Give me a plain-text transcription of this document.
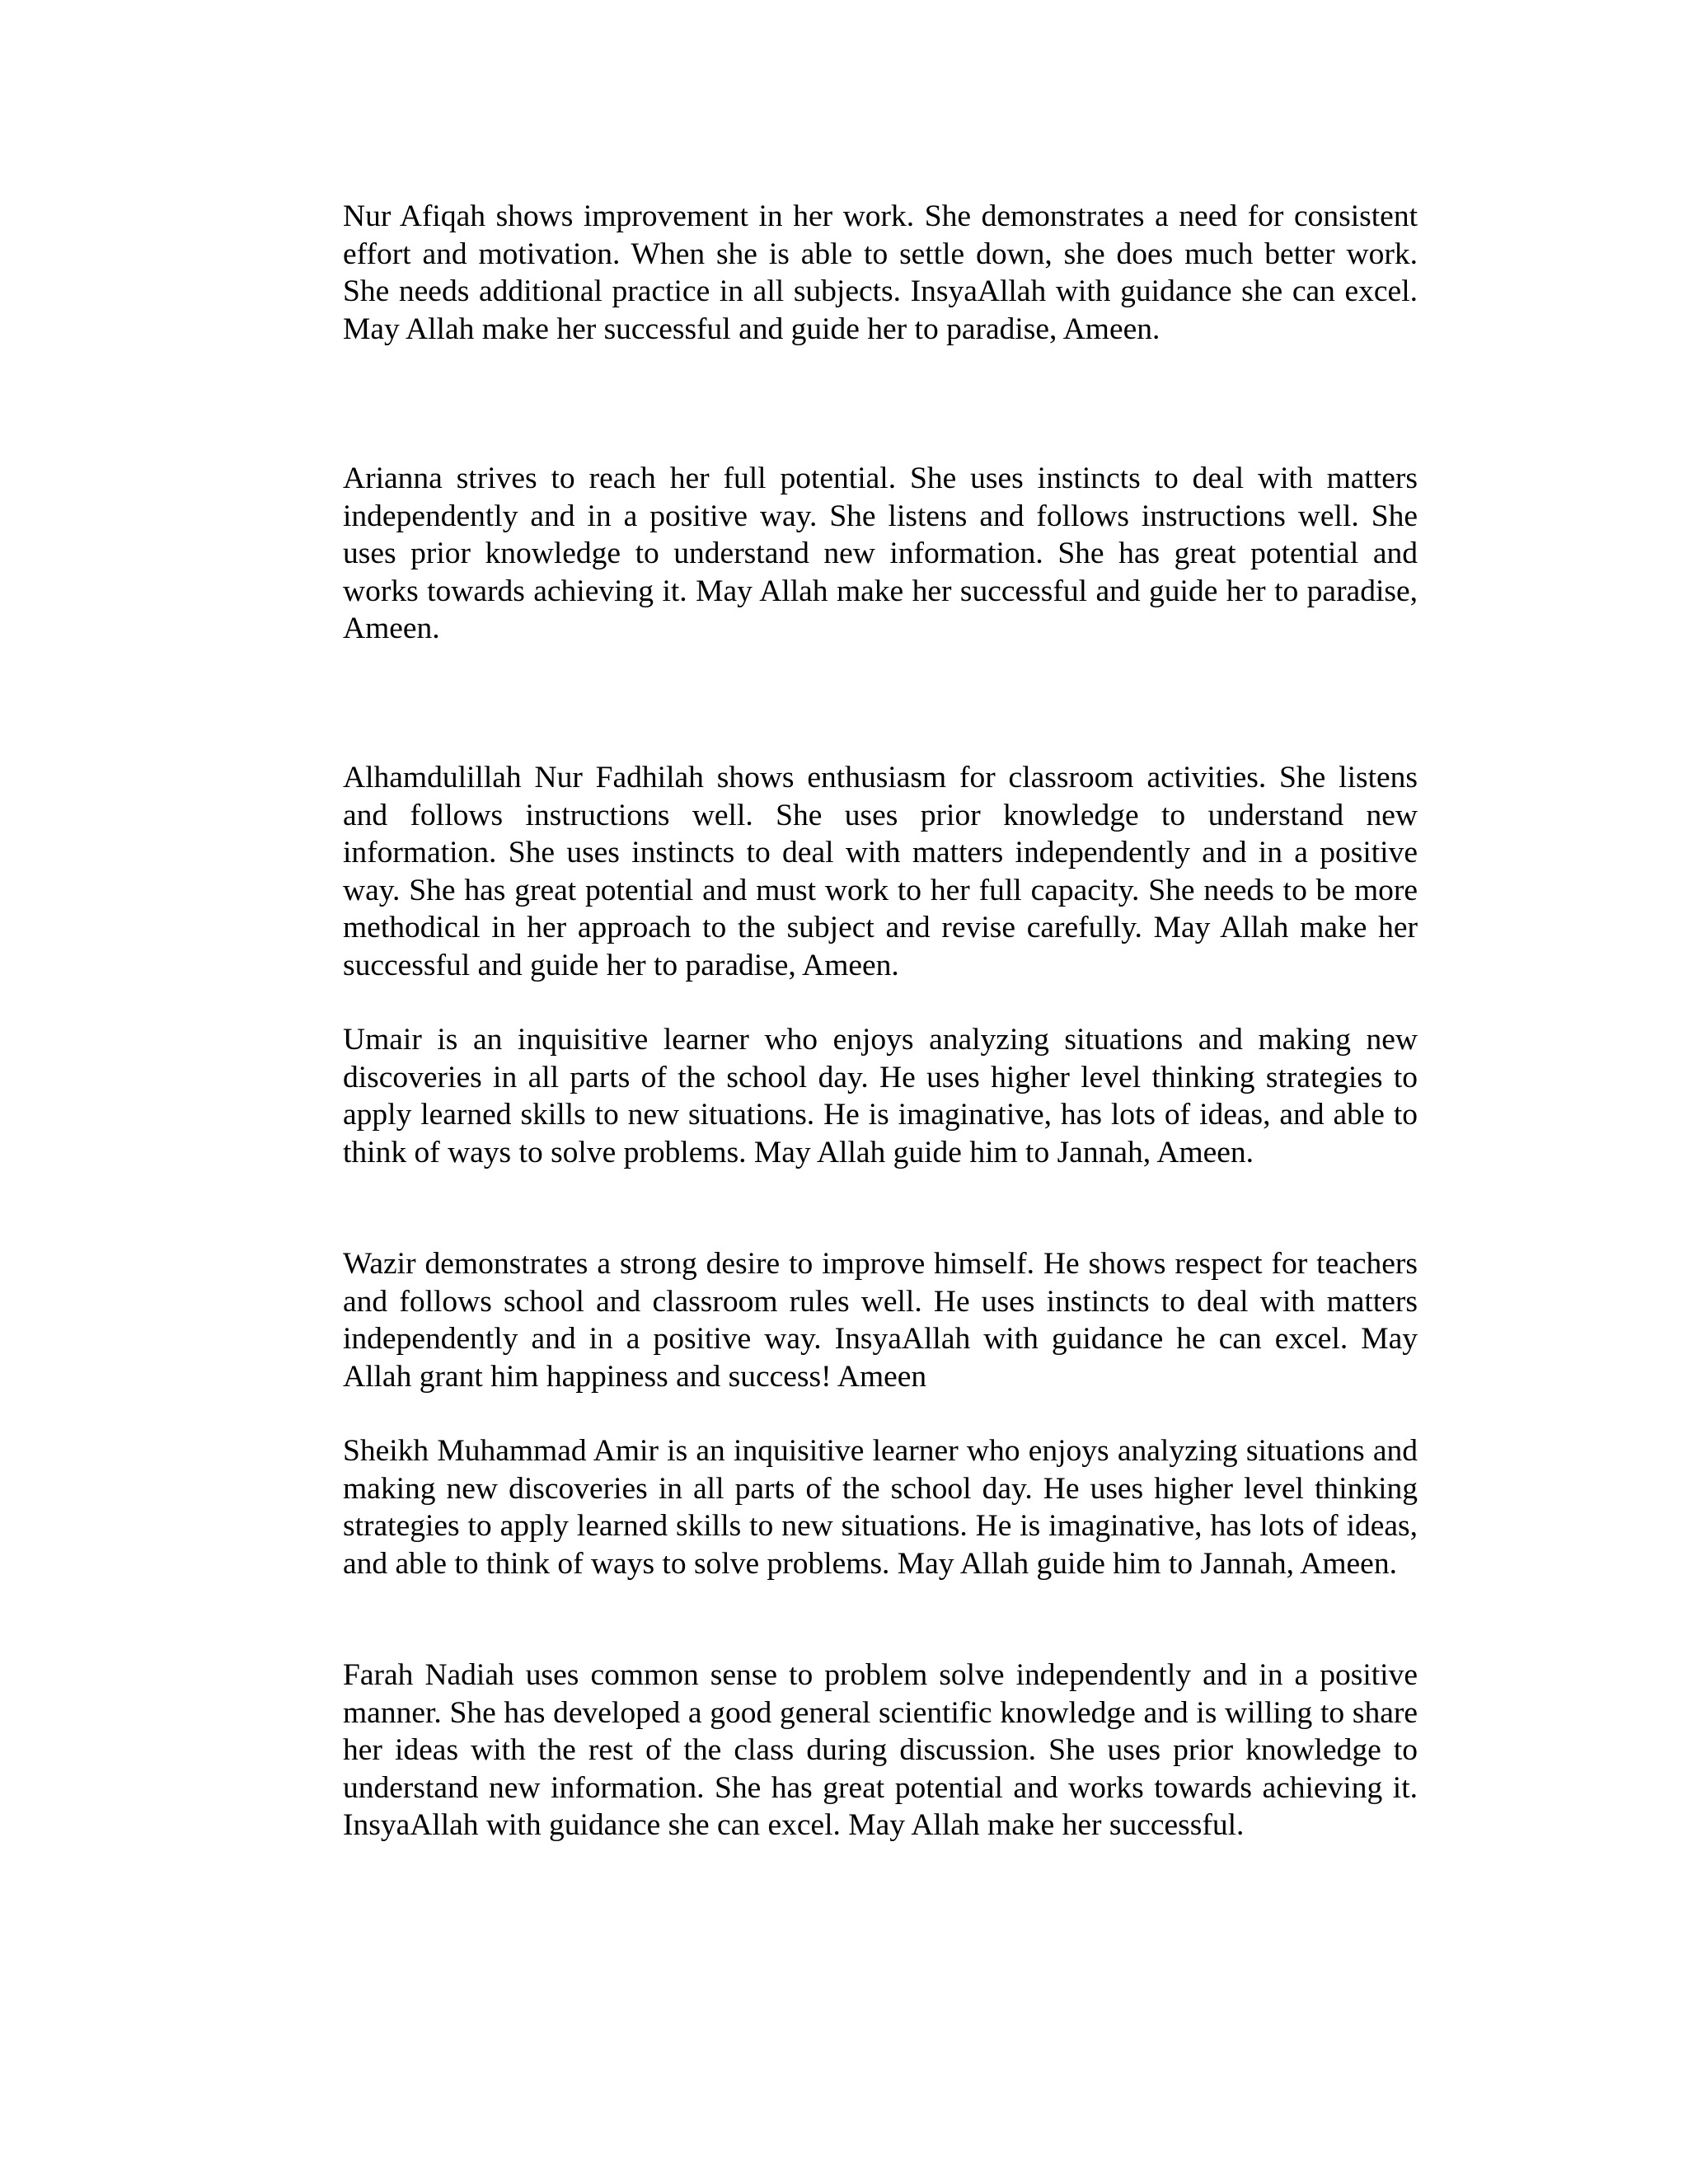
Nur Afiqah shows improvement in her work. She demonstrates a need for consistent effort and motivation. When she is able to settle down, she does much better work. She needs additional practice in all subjects. InsyaAllah with guidance she can excel. May Allah make her successful and guide her to paradise, Ameen.

Arianna strives to reach her full potential. She uses instincts to deal with matters independently and in a positive way. She listens and follows instructions well. She uses prior knowledge to understand new information. She has great potential and works towards achieving it. May Allah make her successful and guide her to paradise, Ameen.

Alhamdulillah Nur Fadhilah shows enthusiasm for classroom activities. She listens and follows instructions well. She uses prior knowledge to understand new information. She uses instincts to deal with matters independently and in a positive way. She has great potential and must work to her full capacity. She needs to be more methodical in her approach to the subject and revise carefully. May Allah make her successful and guide her to paradise, Ameen.

Umair is an inquisitive learner who enjoys analyzing situations and making new discoveries in all parts of the school day. He uses higher level thinking strategies to apply learned skills to new situations. He is imaginative, has lots of ideas, and able to think of ways to solve problems. May Allah guide him to Jannah, Ameen.

Wazir demonstrates a strong desire to improve himself. He shows respect for teachers and follows school and classroom rules well. He uses instincts to deal with matters independently and in a positive way. InsyaAllah with guidance he can excel. May Allah grant him happiness and success! Ameen

Sheikh Muhammad Amir is an inquisitive learner who enjoys analyzing situations and making new discoveries in all parts of the school day. He uses higher level thinking strategies to apply learned skills to new situations. He is imaginative, has lots of ideas, and able to think of ways to solve problems. May Allah guide him to Jannah, Ameen.

Farah Nadiah uses common sense to problem solve independently and in a positive manner. She has developed a good general scientific knowledge and is willing to share her ideas with the rest of the class during discussion. She uses prior knowledge to understand new information. She has great potential and works towards achieving it. InsyaAllah with guidance she can excel. May Allah make her successful.
